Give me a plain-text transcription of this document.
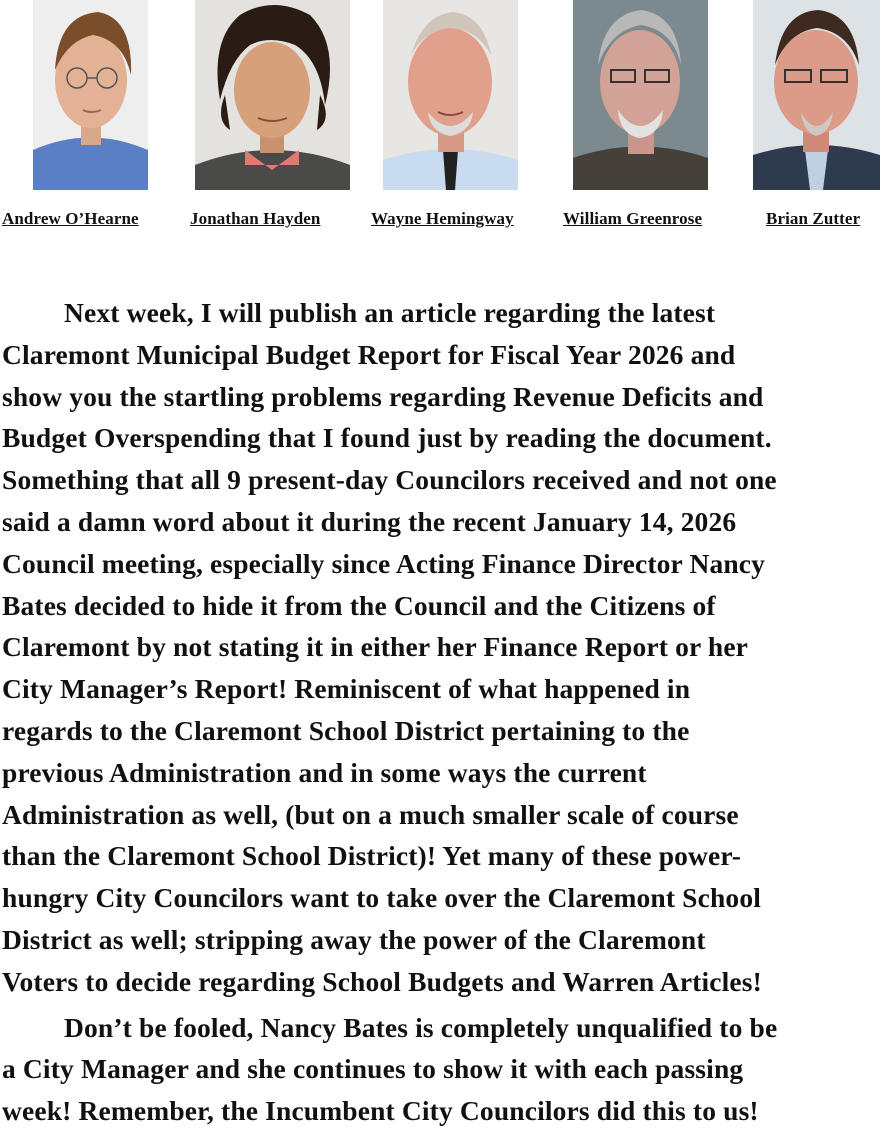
Andrew O’Hearne	Jonathan Hayden	Wayne Hemingway	William Greenrose	Brian Zutter
Next week, I will publish an article regarding the latest
Claremont Municipal Budget Report for Fiscal Year 2026 and
show you the startling problems regarding Revenue Deficits and
Budget Overspending that I found just by reading the document.
Something that all 9 present-day Councilors received and not one
said a damn word about it during the recent January 14, 2026
Council meeting, especially since Acting Finance Director Nancy
Bates decided to hide it from the Council and the Citizens of
Claremont by not stating it in either her Finance Report or her
City Manager’s Report! Reminiscent of what happened in
regards to the Claremont School District pertaining to the
previous Administration and in some ways the current
Administration as well, (but on a much smaller scale of course
than the Claremont School District)! Yet many of these power-
hungry City Councilors want to take over the Claremont School
District as well; stripping away the power of the Claremont
Voters to decide regarding School Budgets and Warren Articles!
Don’t be fooled, Nancy Bates is completely unqualified to be
a City Manager and she continues to show it with each passing
week! Remember, the Incumbent City Councilors did this to us!
